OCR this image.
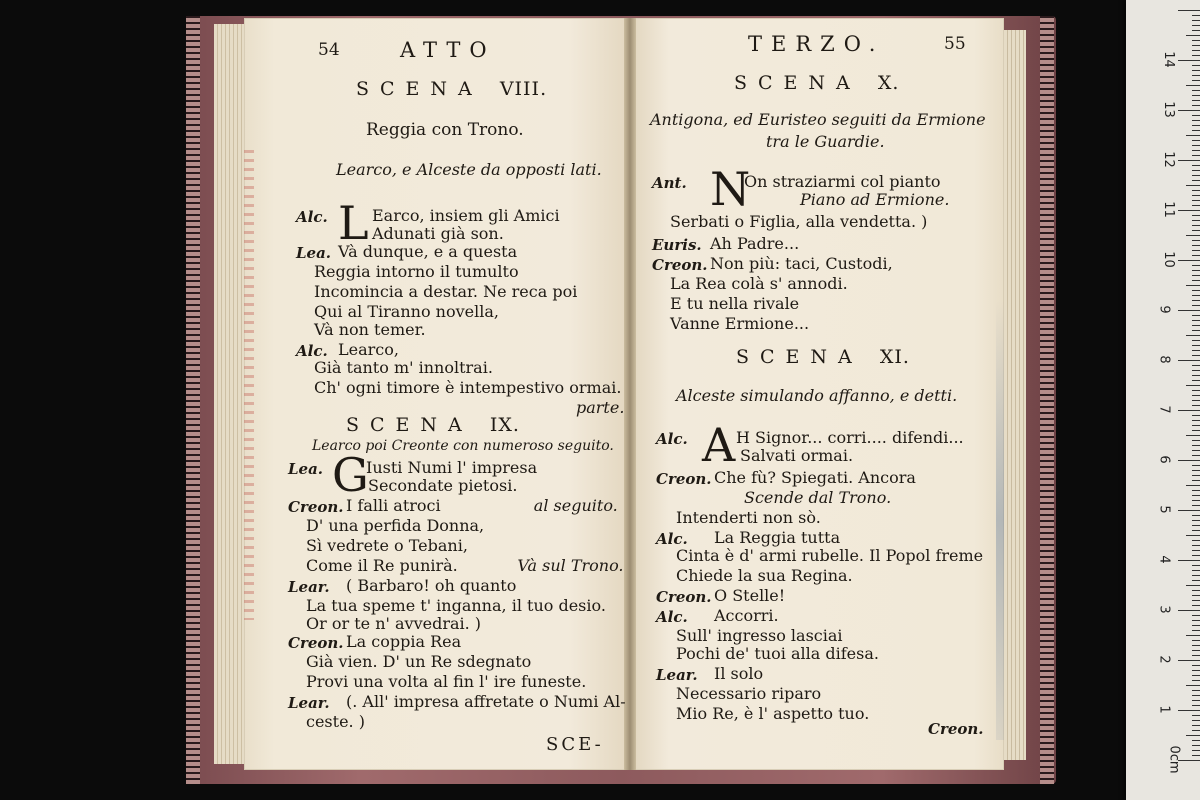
54	ATTO
SCENA VIII.
Reggia con Trono.
Learco, e Alceste da opposti lati.
Alc. L Earco, insiem gli Amici
Adunati già son.
Lea. Và dunque, e a questa
Reggia intorno il tumulto
Incomincia a destar. Ne reca poi
Qui al Tiranno novella,
Và non temer.
Alc. Learco,
Già tanto m' innoltrai.
Ch' ogni timore è intempestivo ormai.
parte.
SCENA IX.
Learco poi Creonte con numeroso seguito.
Lea. G
Iusti Numi l' impresa
Secondate pietosi.
Creon. I falli atroci	al seguito.
D' una perfida Donna,
Sì vedrete o Tebani,
Come il Re punirà.	Và sul Trono.
Lear. ( Barbaro! oh quanto
La tua speme t' inganna, il tuo desio.
Or or te n' avvedrai. )
Creon. La coppia Rea
Già vien. D' un Re sdegnato
Provi una volta al fin l' ire funeste.
Lear. (. All' impresa affretate o Numi Al-
ceste. )
SCE-
TERZO.	55
SCENA X.
Antigona, ed Euristeo seguiti da Ermione
tra le Guardie.
Ant. N
On straziarmi col pianto
Piano ad Ermione.
Serbati o Figlia, alla vendetta. )
Euris. Ah Padre...
Creon. Non più: taci, Custodi,
La Rea colà s' annodi.
E tu nella rivale
Vanne Ermione...
SCENA XI.
Alceste simulando affanno, e detti.
Alc. A H Signor... corri.... difendi...
Salvati ormai.
Creon. Che fù? Spiegati. Ancora
Scende dal Trono.
Intenderti non sò.
Alc. La Reggia tutta
Cinta è d' armi rubelle. Il Popol freme
Chiede la sua Regina.
Creon. O Stelle!
Alc. Accorri.
Sull' ingresso lasciai
Pochi de' tuoi alla difesa.
Lear. Il solo
Necessario riparo
Mio Re, è l' aspetto tuo.
Creon.
14
13
12
11
10
9
8
7
6
5
4
3
2
1
0cm
